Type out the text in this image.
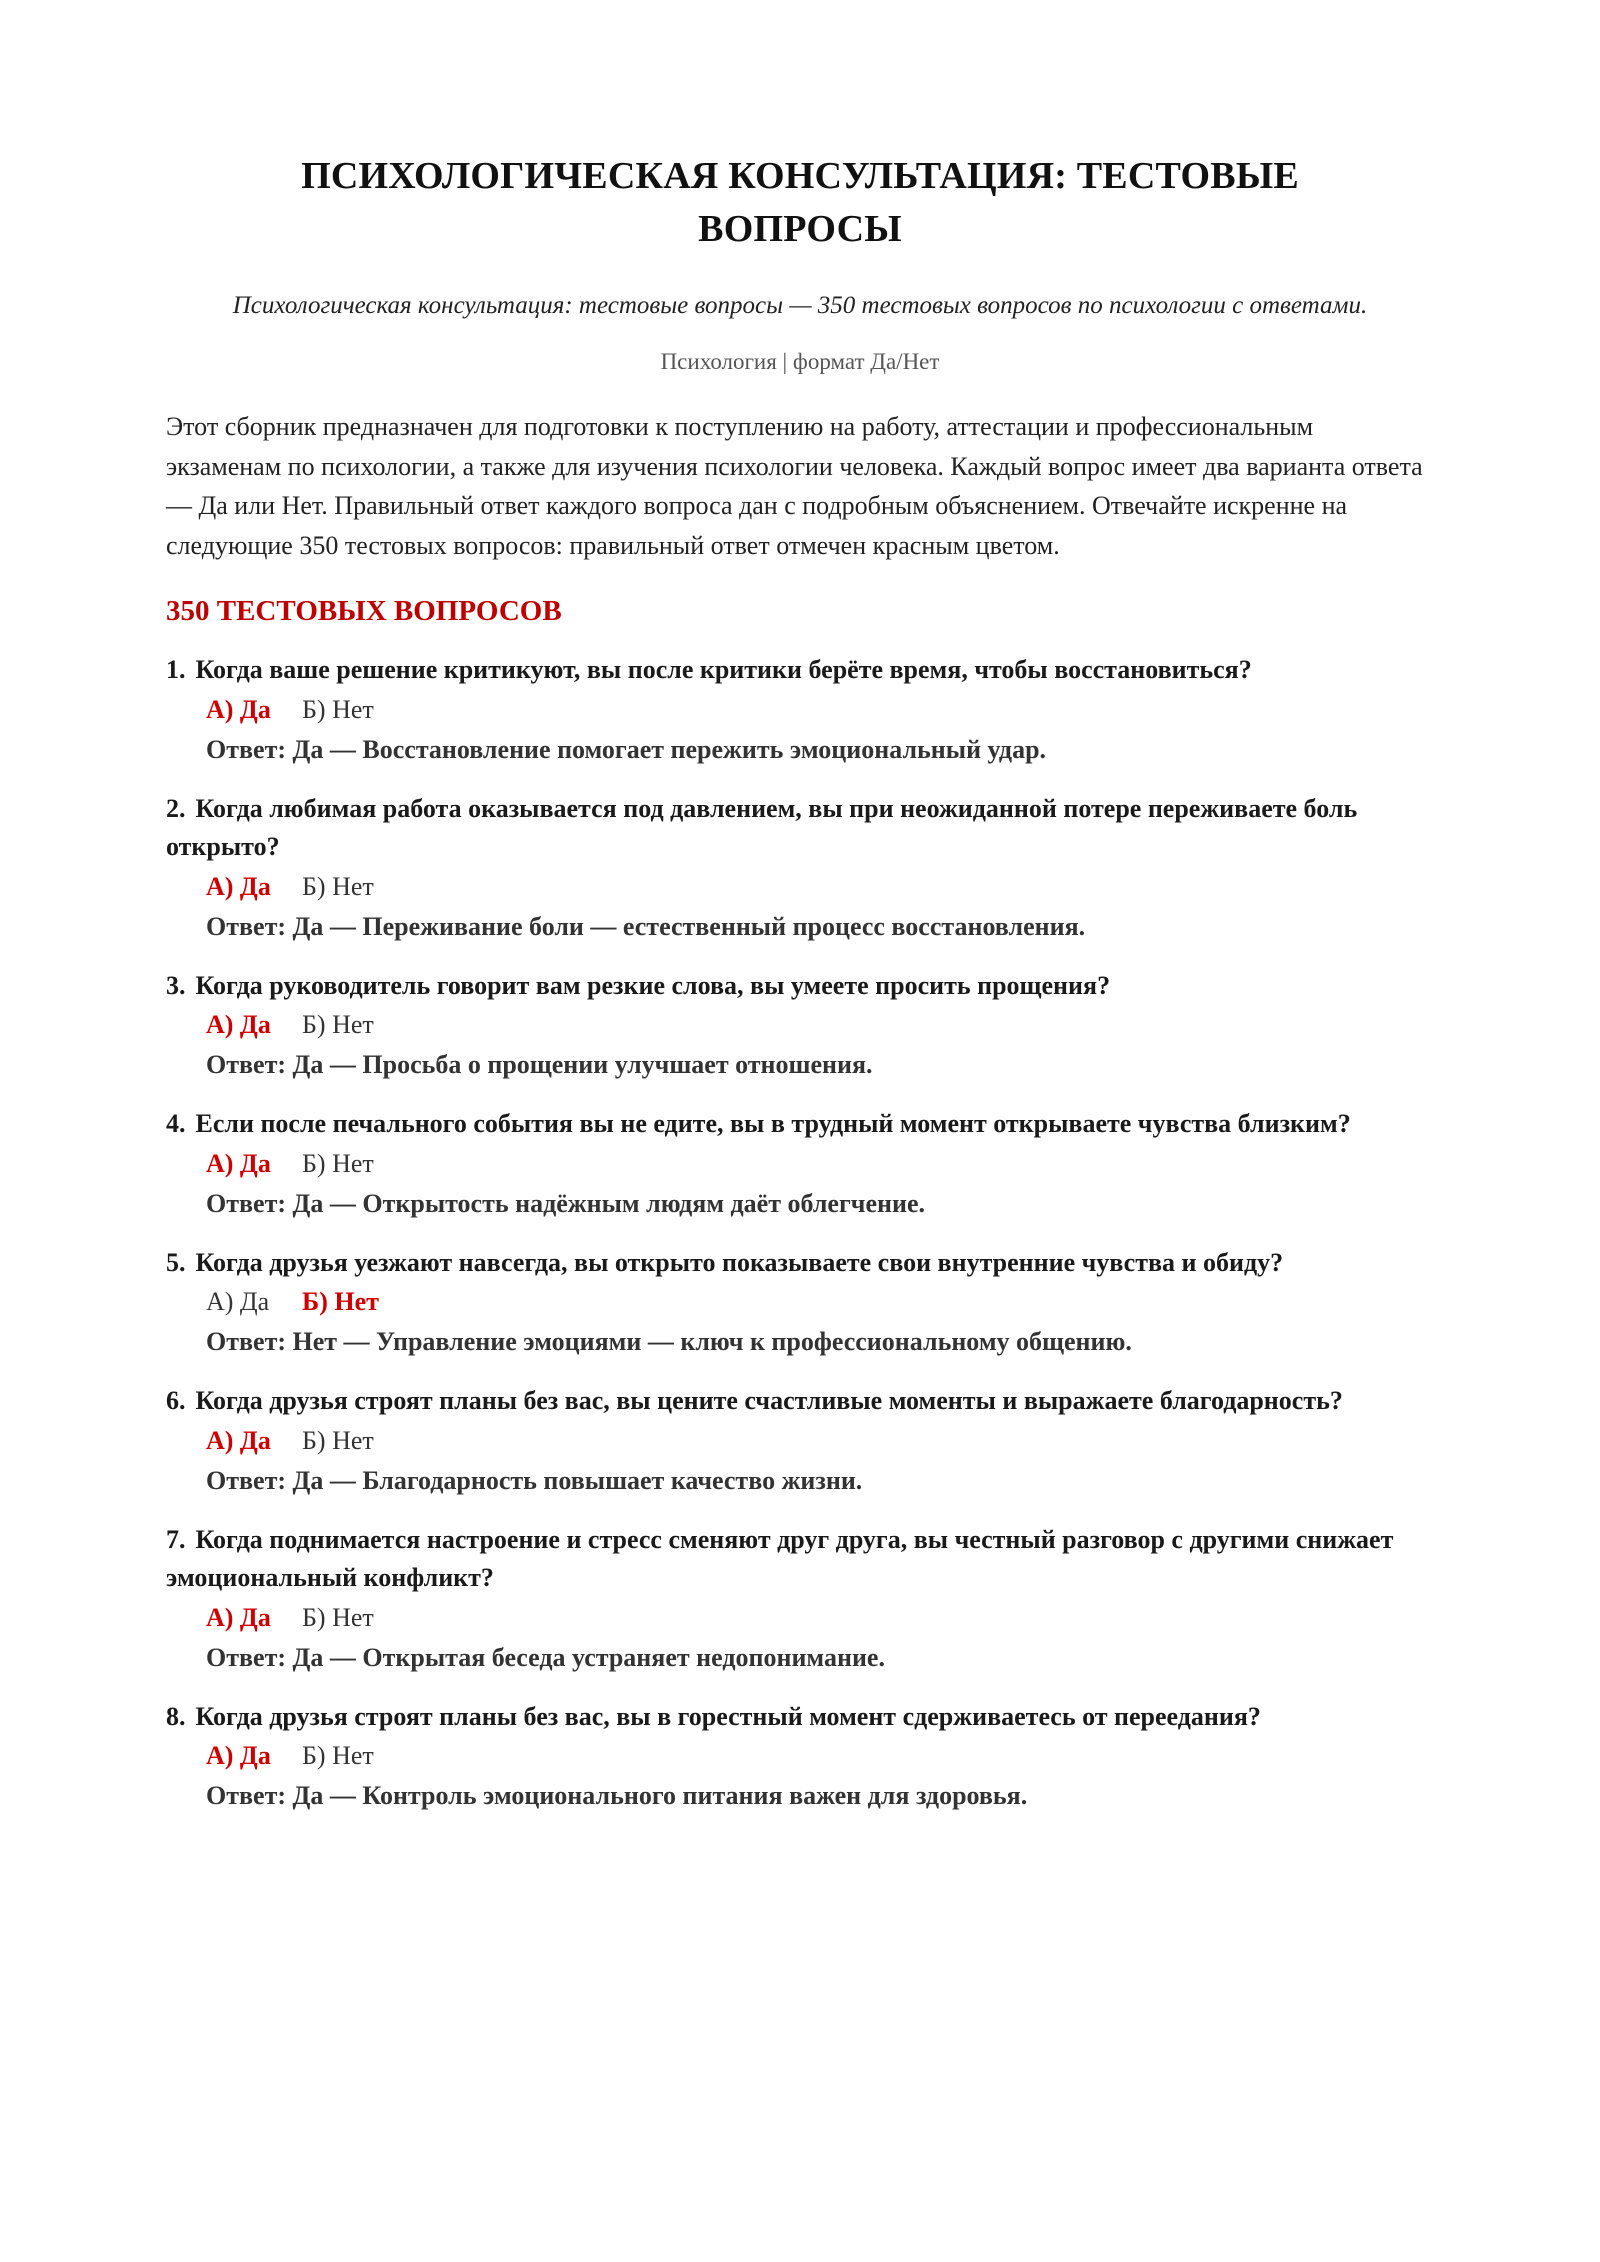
ПСИХОЛОГИЧЕСКАЯ КОНСУЛЬТАЦИЯ: ТЕСТОВЫЕ ВОПРОСЫ
Психологическая консультация: тестовые вопросы — 350 тестовых вопросов по психологии с ответами.
Психология | формат Да/Нет
Этот сборник предназначен для подготовки к поступлению на работу, аттестации и профессиональным экзаменам по психологии, а также для изучения психологии человека. Каждый вопрос имеет два варианта ответа — Да или Нет. Правильный ответ каждого вопроса дан с подробным объяснением. Отвечайте искренне на следующие 350 тестовых вопросов: правильный ответ отмечен красным цветом.
350 ТЕСТОВЫХ ВОПРОСОВ
1. Когда ваше решение критикуют, вы после критики берёте время, чтобы восстановиться?
А) Да Б) Нет
Ответ: Да — Восстановление помогает пережить эмоциональный удар.
2. Когда любимая работа оказывается под давлением, вы при неожиданной потере переживаете боль открыто?
А) Да Б) Нет
Ответ: Да — Переживание боли — естественный процесс восстановления.
3. Когда руководитель говорит вам резкие слова, вы умеете просить прощения?
А) Да Б) Нет
Ответ: Да — Просьба о прощении улучшает отношения.
4. Если после печального события вы не едите, вы в трудный момент открываете чувства близким?
А) Да Б) Нет
Ответ: Да — Открытость надёжным людям даёт облегчение.
5. Когда друзья уезжают навсегда, вы открыто показываете свои внутренние чувства и обиду?
А) Да Б) Нет
Ответ: Нет — Управление эмоциями — ключ к профессиональному общению.
6. Когда друзья строят планы без вас, вы цените счастливые моменты и выражаете благодарность?
А) Да Б) Нет
Ответ: Да — Благодарность повышает качество жизни.
7. Когда поднимается настроение и стресс сменяют друг друга, вы честный разговор с другими снижает эмоциональный конфликт?
А) Да Б) Нет
Ответ: Да — Открытая беседа устраняет недопонимание.
8. Когда друзья строят планы без вас, вы в горестный момент сдерживаетесь от переедания?
А) Да Б) Нет
Ответ: Да — Контроль эмоционального питания важен для здоровья.
